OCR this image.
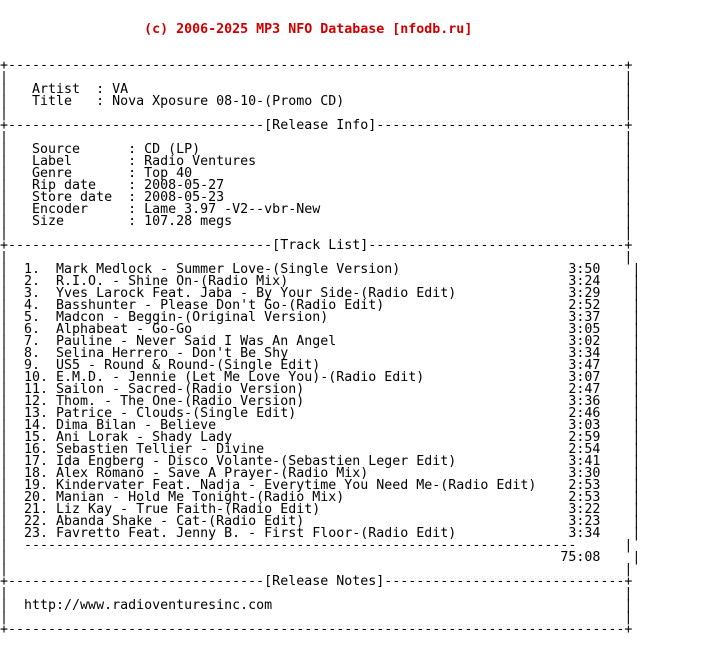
(c) 2006-2025 MP3 NFO Database [nfodb.ru]

+-----------------------------------------------------------------------------+
|                                                                             |
|   Artist  : VA                                                              |
|   Title   : Nova Xposure 08-10-(Promo CD)                                   |
|                                                                             |
+--------------------------------[Release Info]-------------------------------+
|                                                                             |
|   Source      : CD (LP)                                                     |
|   Label       : Radio Ventures                                              |
|   Genre       : Top 40                                                      |
|   Rip date    : 2008-05-27                                                  |
|   Store date  : 2008-05-23                                                  |
|   Encoder     : Lame 3.97 -V2--vbr-New                                      |
|   Size        : 107.28 megs                                                 |
|                                                                             |
+---------------------------------[Track List]--------------------------------+
|                                                                             |
|  1.  Mark Medlock - Summer Love-(Single Version)                     3:50    |
|  2.  R.I.O. - Shine On-(Radio Mix)                                   3:24    |
|  3.  Yves Larock Feat. Jaba - By Your Side-(Radio Edit)              3:29    |
|  4.  Basshunter - Please Don't Go-(Radio Edit)                       2:52    |
|  5.  Madcon - Beggin-(Original Version)                              3:37    |
|  6.  Alphabeat - Go-Go                                               3:05    |
|  7.  Pauline - Never Said I Was An Angel                             3:02    |
|  8.  Selina Herrero - Don't Be Shy                                   3:34    |
|  9.  US5 - Round & Round-(Single Edit)                               3:47    |
|  10. E.M.D. - Jennie (Let Me Love You)-(Radio Edit)                  3:07    |
|  11. Sailon - Sacred-(Radio Version)                                 2:47    |
|  12. Thom. - The One-(Radio Version)                                 3:36    |
|  13. Patrice - Clouds-(Single Edit)                                  2:46    |
|  14. Dima Bilan - Believe                                            3:03    |
|  15. Ani Lorak - Shady Lady                                          2:59    |
|  16. Sebastien Tellier - Divine                                      2:54    |
|  17. Ida Engberg - Disco Volante-(Sebastien Leger Edit)              3:41    |
|  18. Alex Romano - Save A Prayer-(Radio Mix)                         3:30    |
|  19. Kindervater Feat. Nadja - Everytime You Need Me-(Radio Edit)    2:53    |
|  20. Manian - Hold Me Tonight-(Radio Mix)                            2:53    |
|  21. Liz Kay - True Faith-(Radio Edit)                               3:22    |
|  22. Abanda Shake - Cat-(Radio Edit)                                 3:23    |
|  23. Favretto Feat. Jenny B. - First Floor-(Radio Edit)              3:34    |
|  ---------------------------------------------------------------------      |
|                                                                     75:08    |
|                                                                             |
+--------------------------------[Release Notes]------------------------------+
|                                                                             |
|  http://www.radioventuresinc.com                                            |
|                                                                             |
+-----------------------------------------------------------------------------+
